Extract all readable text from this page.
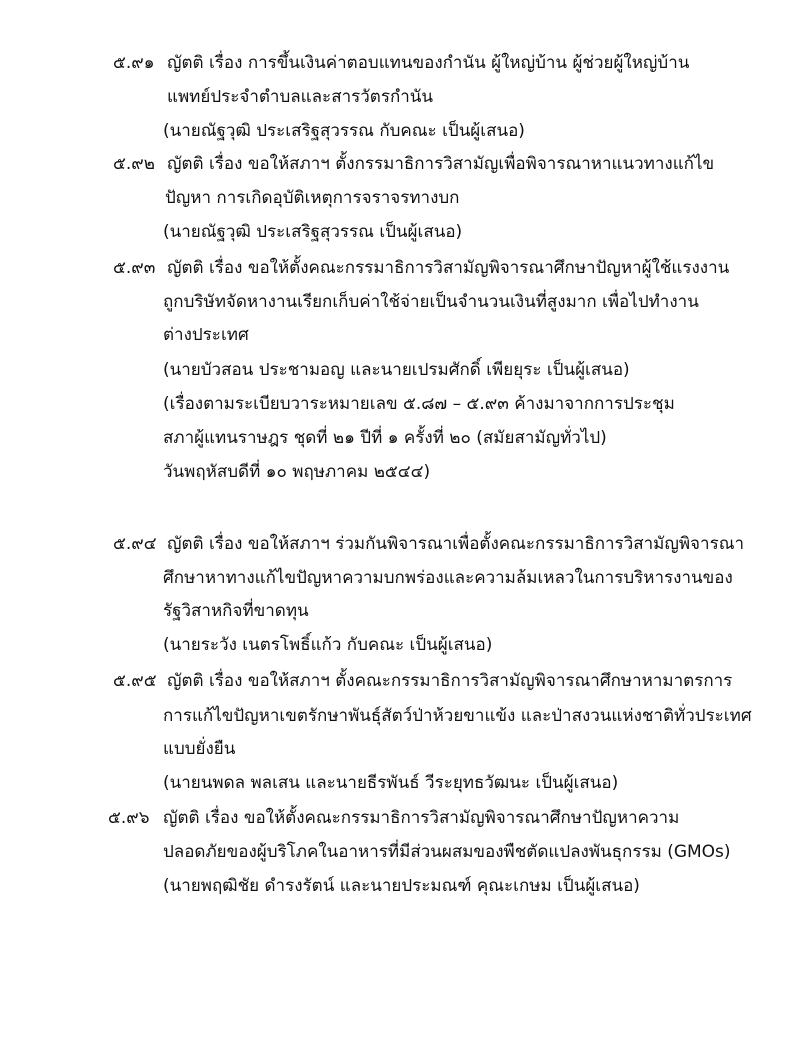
๕.๙๑ ญัตติ เรื่อง การขึ้นเงินค่าตอบแทนของกำนัน ผู้ใหญ่บ้าน ผู้ช่วยผู้ใหญ่บ้าน
แพทย์ประจำตำบลและสารวัตรกำนัน
(นายณัฐวุฒิ ประเสริฐสุวรรณ กับคณะ เป็นผู้เสนอ)
๕.๙๒ ญัตติ เรื่อง ขอให้สภาฯ ตั้งกรรมาธิการวิสามัญเพื่อพิจารณาหาแนวทางแก้ไข
ปัญหา การเกิดอุบัติเหตุการจราจรทางบก
(นายณัฐวุฒิ ประเสริฐสุวรรณ เป็นผู้เสนอ)
๕.๙๓ ญัตติ เรื่อง ขอให้ตั้งคณะกรรมาธิการวิสามัญพิจารณาศึกษาปัญหาผู้ใช้แรงงาน
ถูกบริษัทจัดหางานเรียกเก็บค่าใช้จ่ายเป็นจำนวนเงินที่สูงมาก เพื่อไปทำงาน
ต่างประเทศ
(นายบัวสอน ประชามอญ และนายเปรมศักดิ์ เพียยุระ เป็นผู้เสนอ)
(เรื่องตามระเบียบวาระหมายเลข ๕.๘๗ – ๕.๙๓ ค้างมาจากการประชุม
สภาผู้แทนราษฎร ชุดที่ ๒๑ ปีที่ ๑ ครั้งที่ ๒๐ (สมัยสามัญทั่วไป)
วันพฤหัสบดีที่ ๑๐ พฤษภาคม ๒๕๔๔)
๕.๙๔ ญัตติ เรื่อง ขอให้สภาฯ ร่วมกันพิจารณาเพื่อตั้งคณะกรรมาธิการวิสามัญพิจารณา
ศึกษาหาทางแก้ไขปัญหาความบกพร่องและความล้มเหลวในการบริหารงานของ
รัฐวิสาหกิจที่ขาดทุน
(นายระวัง เนตรโพธิ์แก้ว กับคณะ เป็นผู้เสนอ)
๕.๙๕ ญัตติ เรื่อง ขอให้สภาฯ ตั้งคณะกรรมาธิการวิสามัญพิจารณาศึกษาหามาตรการ
การแก้ไขปัญหาเขตรักษาพันธุ์สัตว์ป่าห้วยขาแข้ง และป่าสงวนแห่งชาติทั่วประเทศ
แบบยั่งยืน
(นายนพดล พลเสน และนายธีรพันธ์ วีระยุทธวัฒนะ เป็นผู้เสนอ)
๕.๙๖ ญัตติ เรื่อง ขอให้ตั้งคณะกรรมาธิการวิสามัญพิจารณาศึกษาปัญหาความ
ปลอดภัยของผู้บริโภคในอาหารที่มีส่วนผสมของพืชตัดแปลงพันธุกรรม (GMOs)
(นายพฤฒิชัย ดำรงรัตน์ และนายประมณฑ์ คุณะเกษม เป็นผู้เสนอ)
